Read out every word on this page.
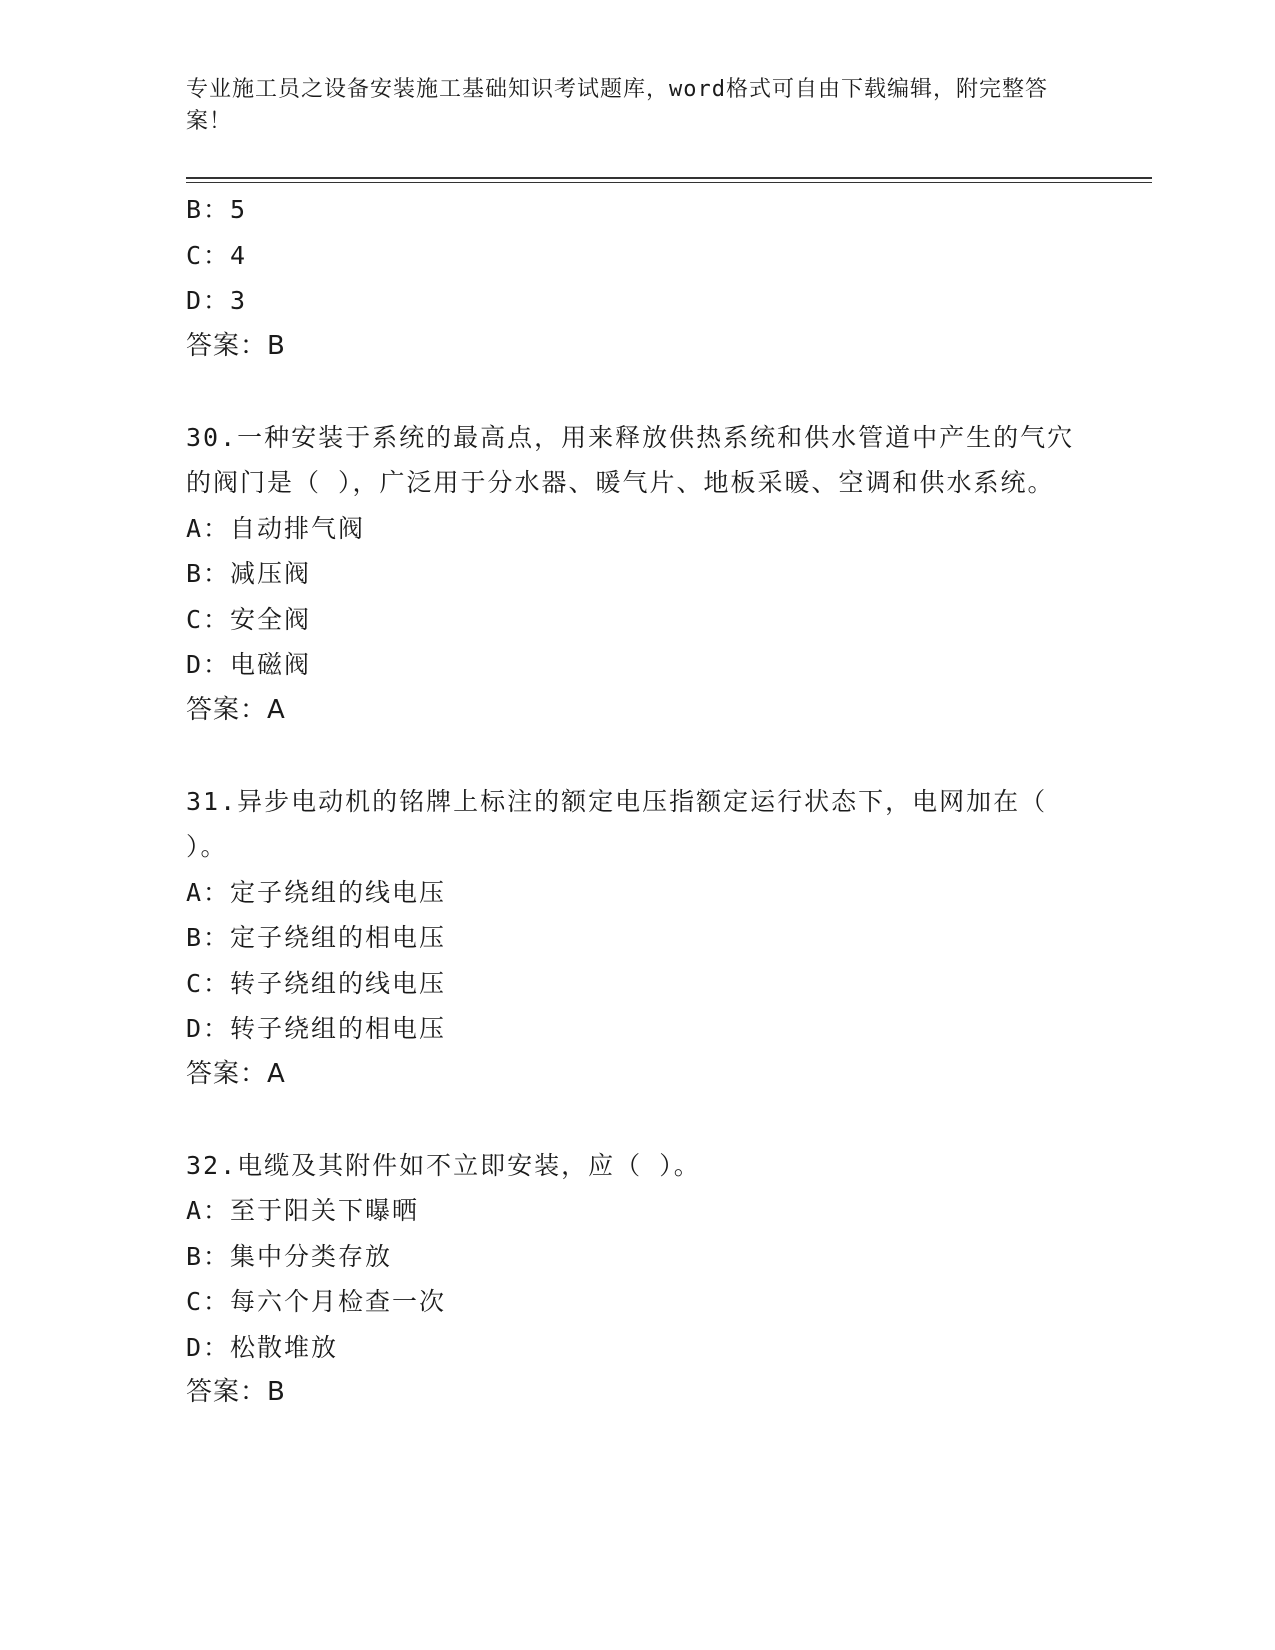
专业施工员之设备安装施工基础知识考试题库，word格式可自由下载编辑，附完整答案！
B：5
C：4
D：3
答案：B
30.一种安装于系统的最高点，用来释放供热系统和供水管道中产生的气穴的阀门是（ ），广泛用于分水器、暖气片、地板采暖、空调和供水系统。
A：自动排气阀
B：减压阀
C：安全阀
D：电磁阀
答案：A
31.异步电动机的铭牌上标注的额定电压指额定运行状态下，电网加在（ ）。
A：定子绕组的线电压
B：定子绕组的相电压
C：转子绕组的线电压
D：转子绕组的相电压
答案：A
32.电缆及其附件如不立即安装，应（ ）。
A：至于阳关下曝晒
B：集中分类存放
C：每六个月检查一次
D：松散堆放
答案：B
